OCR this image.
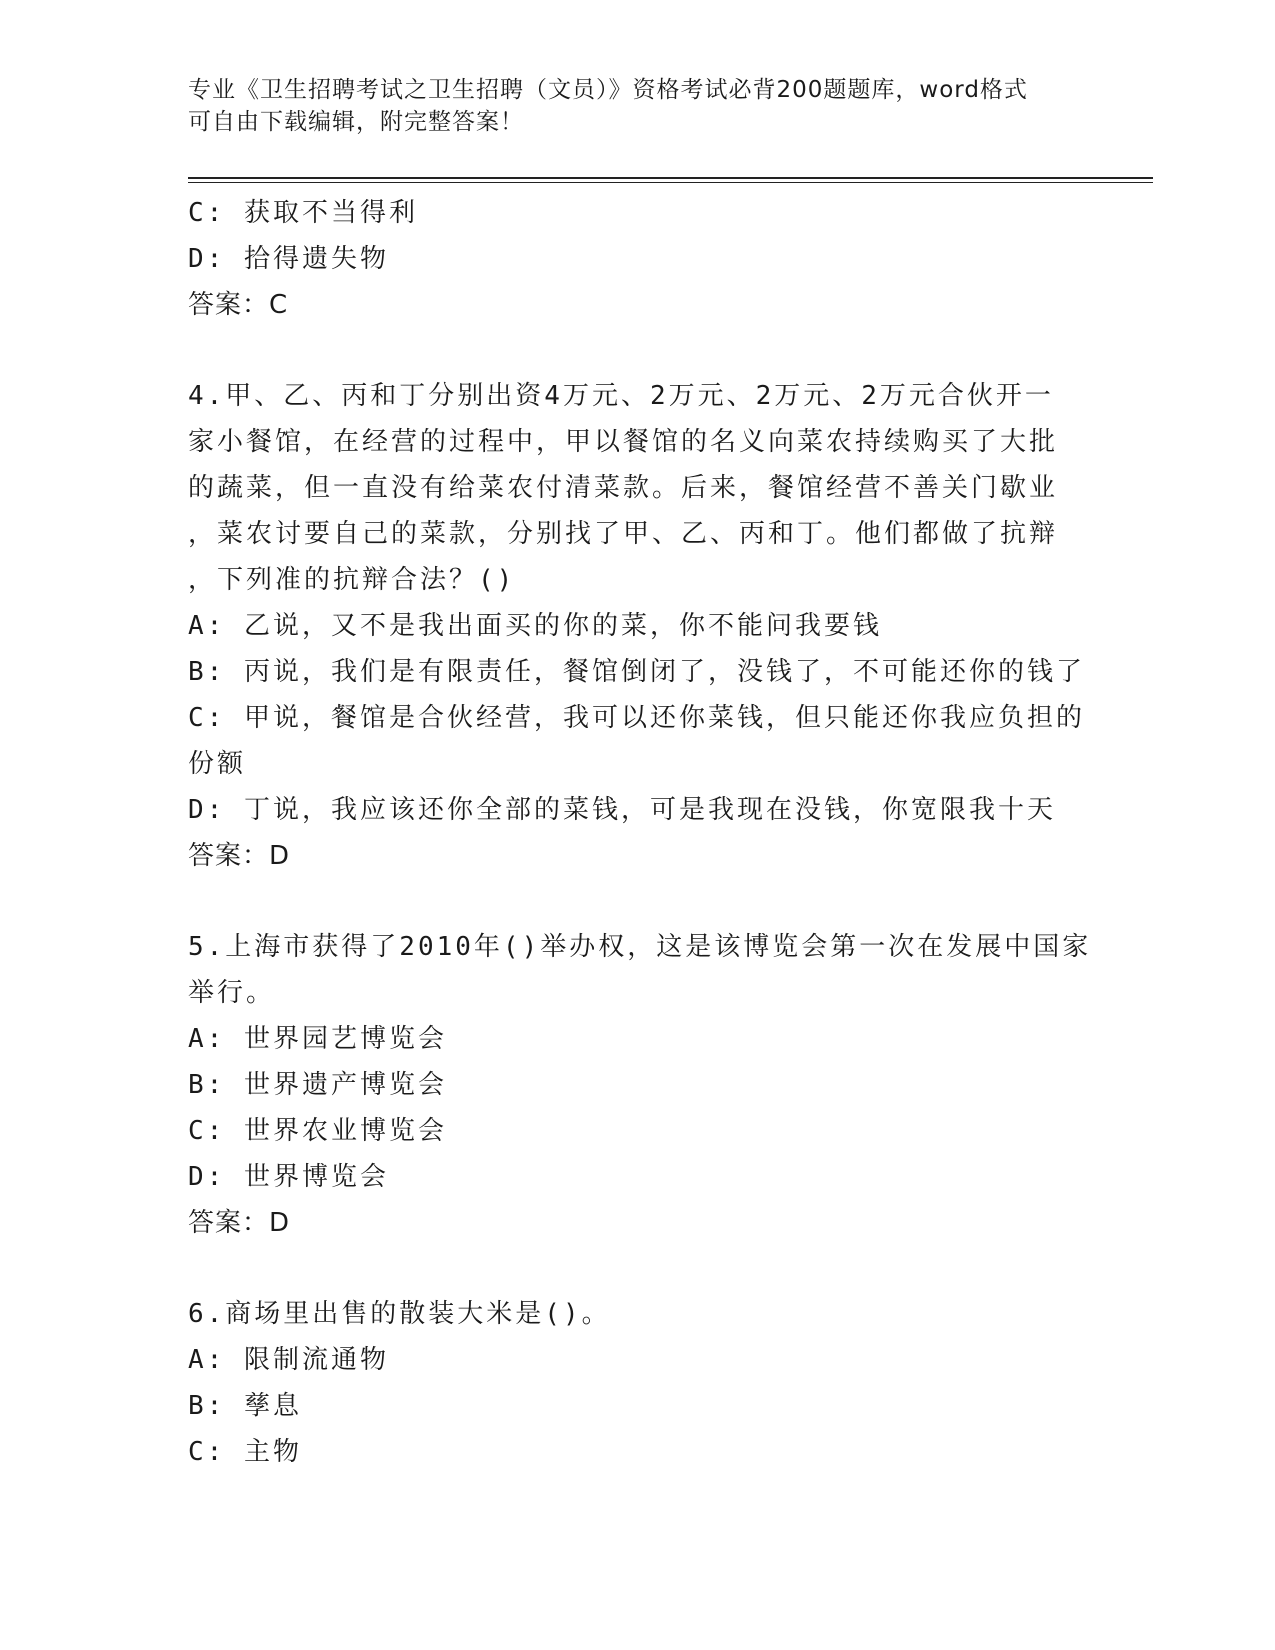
专业《卫生招聘考试之卫生招聘（文员）》资格考试必背200题题库，word格式
可自由下载编辑，附完整答案！
C: 获取不当得利
D: 拾得遗失物
答案：C
4.甲、乙、丙和丁分别出资4万元、2万元、2万元、2万元合伙开一
家小餐馆，在经营的过程中，甲以餐馆的名义向菜农持续购买了大批
的蔬菜，但一直没有给菜农付清菜款。后来，餐馆经营不善关门歇业
，菜农讨要自己的菜款，分别找了甲、乙、丙和丁。他们都做了抗辩
，下列准的抗辩合法？()
A: 乙说，又不是我出面买的你的菜，你不能问我要钱
B: 丙说，我们是有限责任，餐馆倒闭了，没钱了，不可能还你的钱了
C: 甲说，餐馆是合伙经营，我可以还你菜钱，但只能还你我应负担的
份额
D: 丁说，我应该还你全部的菜钱，可是我现在没钱，你宽限我十天
答案：D
5.上海市获得了2010年()举办权，这是该博览会第一次在发展中国家
举行。
A: 世界园艺博览会
B: 世界遗产博览会
C: 世界农业博览会
D: 世界博览会
答案：D
6.商场里出售的散装大米是()。
A: 限制流通物
B: 孳息
C: 主物
